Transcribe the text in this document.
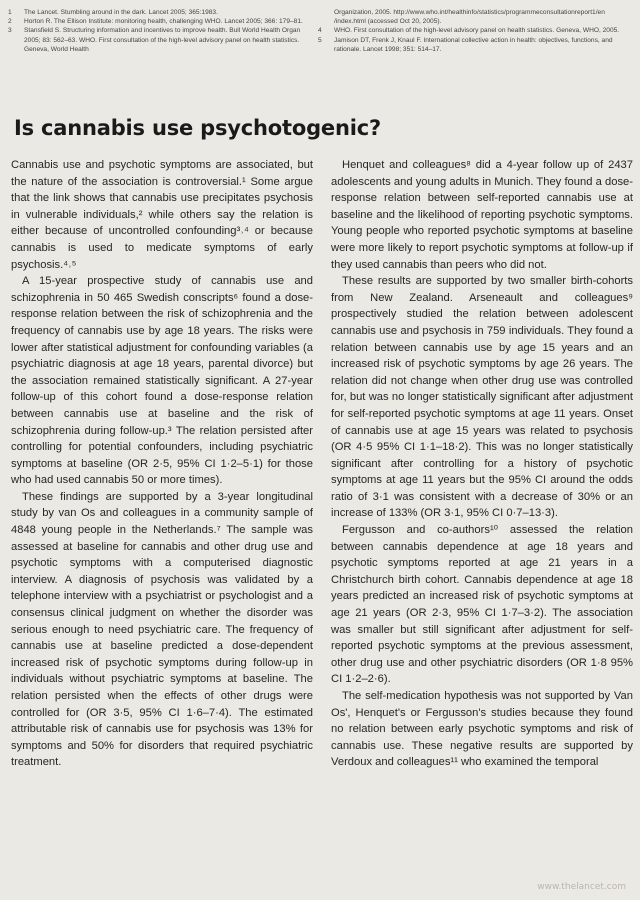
1	The Lancet. Stumbling around in the dark. Lancet 2005; 365:1983.
2	Horton R. The Ellison Institute: monitoring health, challenging WHO. Lancet 2005; 366: 179–81.
3	Stansfield S. Structuring information and incentives to improve health. Bull World Health Organ 2005; 83: 562–63. WHO. First consultation of the high-level advisory panel on health statistics. Geneva, World Health
Organization, 2005. http://www.who.int/healthinfo/statistics/programmeconsultationreport1/en /index.html (accessed Oct 20, 2005).
4	WHO. First consultation of the high-level advisory panel on health statistics. Geneva, WHO, 2005.
5	Jamison DT, Frenk J, Knaul F. International collective action in health: objectives, functions, and rationale. Lancet 1998; 351: 514–17.
Is cannabis use psychotogenic?

Cannabis use and psychotic symptoms are associated, but the nature of the association is controversial.¹ Some argue that the link shows that cannabis use precipitates psychosis in vulnerable individuals,² while others say the relation is either because of uncontrolled confounding³˒⁴ or because cannabis is used to medicate symptoms of early psychosis.⁴˒⁵

A 15-year prospective study of cannabis use and schizophrenia in 50 465 Swedish conscripts⁶ found a dose-response relation between the risk of schizophrenia and the frequency of cannabis use by age 18 years. The risks were lower after statistical adjustment for confounding variables (a psychiatric diagnosis at age 18 years, parental divorce) but the association remained statistically significant. A 27-year follow-up of this cohort found a dose-response relation between cannabis use at baseline and the risk of schizophrenia during follow-up.³ The relation persisted after controlling for potential confounders, including psychiatric symptoms at baseline (OR 2·5, 95% CI 1·2–5·1) for those who had used cannabis 50 or more times).

These findings are supported by a 3-year longitudinal study by van Os and colleagues in a community sample of 4848 young people in the Netherlands.⁷ The sample was assessed at baseline for cannabis and other drug use and psychotic symptoms with a computerised diagnostic interview. A diagnosis of psychosis was validated by a telephone interview with a psychiatrist or psychologist and a consensus clinical judgment on whether the disorder was serious enough to need psychiatric care. The frequency of cannabis use at baseline predicted a dose-dependent increased risk of psychotic symptoms during follow-up in individuals without psychiatric symptoms at baseline. The relation persisted when the effects of other drugs were controlled for (OR 3·5, 95% CI 1·6–7·4). The estimated attributable risk of cannabis use for psychosis was 13% for symptoms and 50% for disorders that required psychiatric treatment.

Henquet and colleagues⁸ did a 4-year follow up of 2437 adolescents and young adults in Munich. They found a dose-response relation between self-reported cannabis use at baseline and the likelihood of reporting psychotic symptoms. Young people who reported psychotic symptoms at baseline were more likely to report psychotic symptoms at follow-up if they used cannabis than peers who did not.

These results are supported by two smaller birth-cohorts from New Zealand. Arseneault and colleagues⁹ prospectively studied the relation between adolescent cannabis use and psychosis in 759 individuals. They found a relation between cannabis use by age 15 years and an increased risk of psychotic symptoms by age 26 years. The relation did not change when other drug use was controlled for, but was no longer statistically significant after adjustment for self-reported psychotic symptoms at age 11 years. Onset of cannabis use at age 15 years was related to psychosis (OR 4·5 95% CI 1·1–18·2). This was no longer statistically significant after controlling for a history of psychotic symptoms at age 11 years but the 95% CI around the odds ratio of 3·1 was consistent with a decrease of 30% or an increase of 133% (OR 3·1, 95% CI 0·7–13·3).

Fergusson and co-authors¹⁰ assessed the relation between cannabis dependence at age 18 years and psychotic symptoms reported at age 21 years in a Christchurch birth cohort. Cannabis dependence at age 18 years predicted an increased risk of psychotic symptoms at age 21 years (OR 2·3, 95% CI 1·7–3·2). The association was smaller but still significant after adjustment for self-reported psychotic symptoms at the previous assessment, other drug use and other psychiatric disorders (OR 1·8 95% CI 1·2–2·6).

The self-medication hypothesis was not supported by Van Os', Henquet's or Fergusson's studies because they found no relation between early psychotic symptoms and risk of cannabis use. These negative results are supported by Verdoux and colleagues¹¹ who examined the temporal

www.thelancet.com
